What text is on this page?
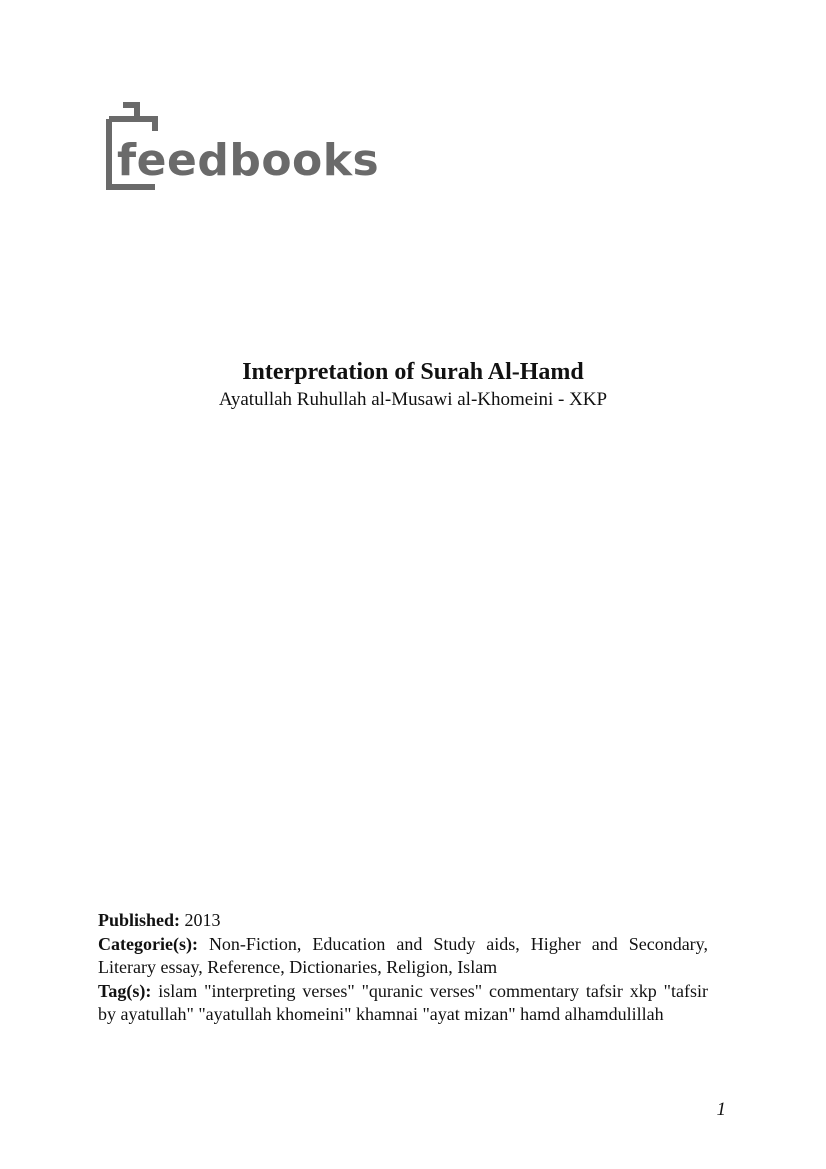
feedbooks

Interpretation of Surah Al-Hamd

Ayatullah Ruhullah al-Musawi al-Khomeini - XKP

Published: 2013

Categorie(s): Non-Fiction, Education and Study aids, Higher and Secondary, Literary essay, Reference, Dictionaries, Religion, Islam

Tag(s): islam "interpreting verses" "quranic verses" commentary tafsir xkp "tafsir by ayatullah" "ayatullah khomeini" khamnai "ayat mizan" hamd alhamdulillah

1
